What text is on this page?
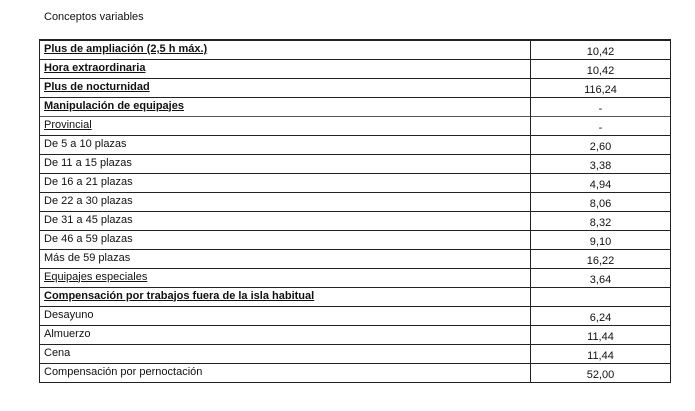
Conceptos variables
Plus de ampliación (2,5 h máx.)	10,42
Hora extraordinaria	10,42
Plus de nocturnidad	116,24
Manipulación de equipajes	-
Provincial	-
De 5 a 10 plazas	2,60
De 11 a 15 plazas	3,38
De 16 a 21 plazas	4,94
De 22 a 30 plazas	8,06
De 31 a 45 plazas	8,32
De 46 a 59 plazas	9,10
Más de 59 plazas	16,22
Equipajes especiales	3,64
Compensación por trabajos fuera de la isla habitual	
Desayuno	6,24
Almuerzo	11,44
Cena	11,44
Compensación por pernoctación	52,00
